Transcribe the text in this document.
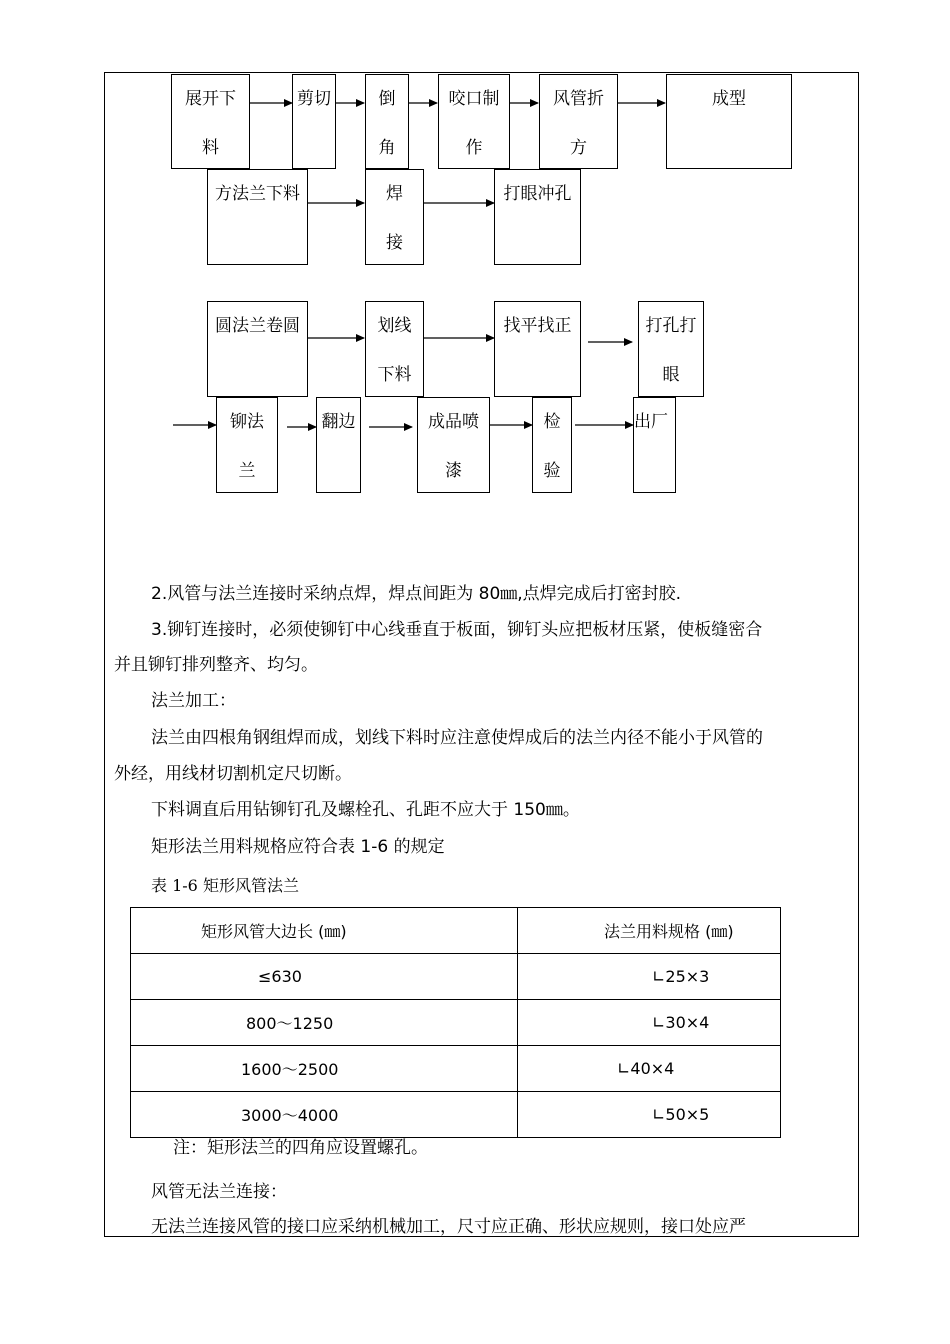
展开下
料
剪切	倒
角
咬口制
作
风管折
方
成型
方法兰下料	焊
接
打眼冲孔
圆法兰卷圆	划线
下料
找平找正	打孔打
眼
铆法
兰
翻边	成品喷
漆
检
验
出厂
2.风管与法兰连接时采纳点焊，焊点间距为 80㎜,点焊完成后打密封胶.
3.铆钉连接时，必须使铆钉中心线垂直于板面，铆钉头应把板材压紧，使板缝密合
并且铆钉排列整齐、均匀。
法兰加工：
法兰由四根角钢组焊而成，划线下料时应注意使焊成后的法兰内径不能小于风管的
外经，用线材切割机定尺切断。
下料调直后用钻铆钉孔及螺栓孔、孔距不应大于 150㎜。
矩形法兰用料规格应符合表 1-6 的规定
表 1-6 矩形风管法兰
矩形风管大边长 (㎜)	法兰用料规格 (㎜)
≤630	∟25×3
800～1250	∟30×4
1600～2500	∟40×4
3000～4000	∟50×5
注：矩形法兰的四角应设置螺孔。
风管无法兰连接：
无法兰连接风管的接口应采纳机械加工，尺寸应正确、形状应规则，接口处应严
